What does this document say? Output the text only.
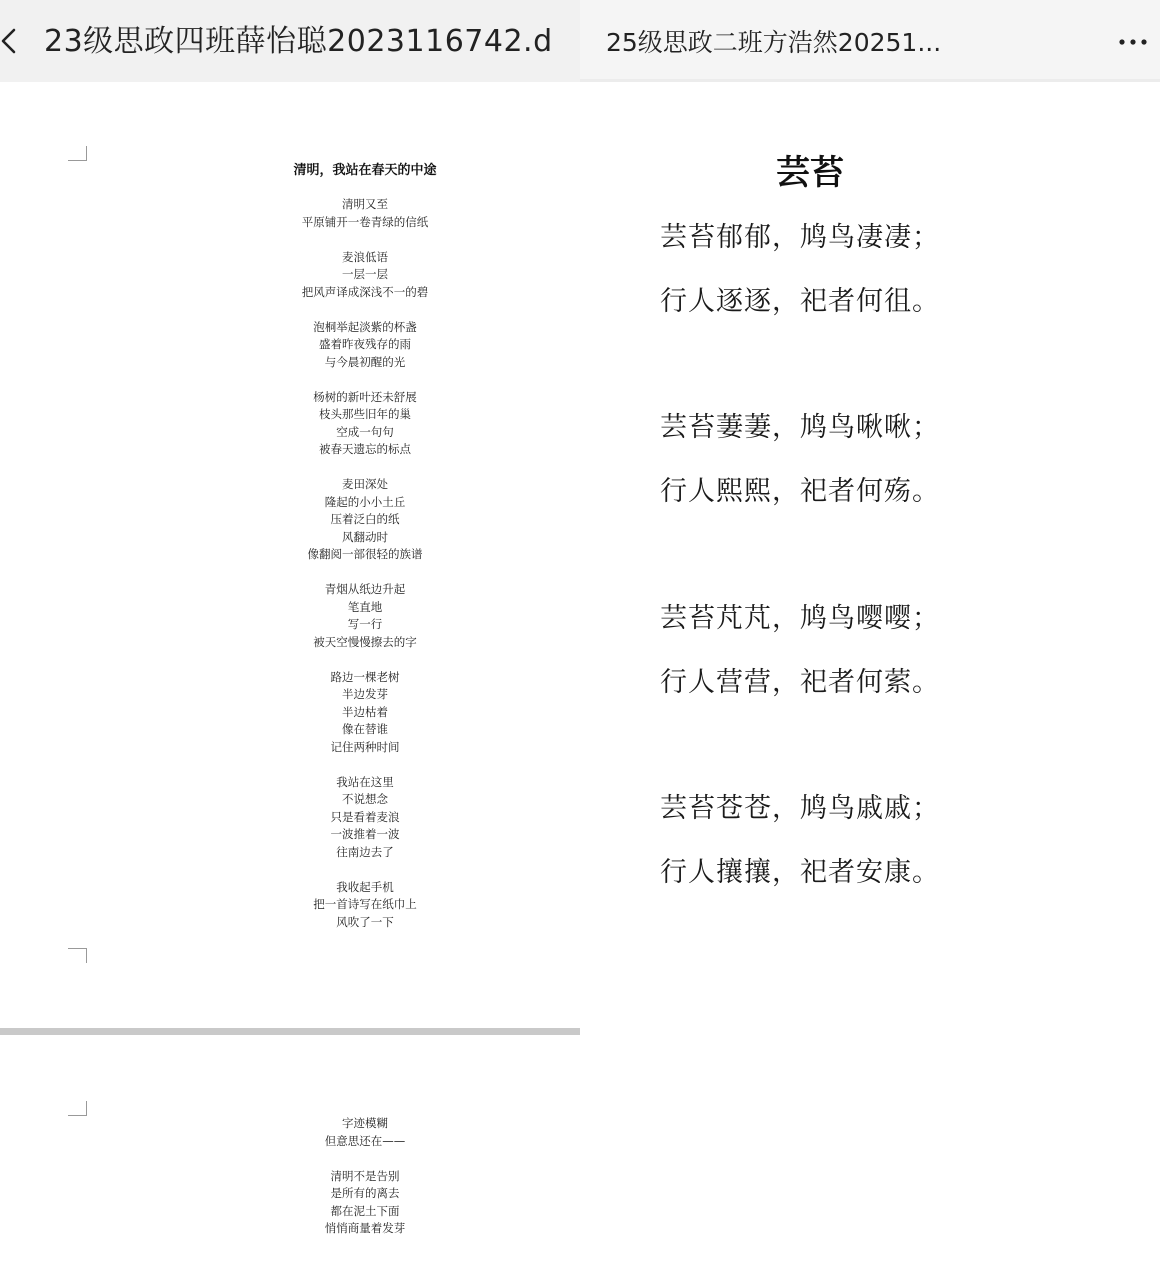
23级思政四班薛怡聪2023116742.d
清明，我站在春天的中途
清明又至
平原铺开一卷青绿的信纸
麦浪低语
一层一层
把风声译成深浅不一的碧
泡桐举起淡紫的杯盏
盛着昨夜残存的雨
与今晨初醒的光
杨树的新叶还未舒展
枝头那些旧年的巢
空成一句句
被春天遗忘的标点
麦田深处
隆起的小小土丘
压着泛白的纸
风翻动时
像翻阅一部很轻的族谱
青烟从纸边升起
笔直地
写一行
被天空慢慢擦去的字
路边一棵老树
半边发芽
半边枯着
像在替谁
记住两种时间
我站在这里
不说想念
只是看着麦浪
一波推着一波
往南边去了
我收起手机
把一首诗写在纸巾上
风吹了一下
字迹模糊
但意思还在——
清明不是告别
是所有的离去
都在泥土下面
悄悄商量着发芽
25级思政二班方浩然20251...
芸苔
芸苔郁郁，鸠鸟凄凄；
行人逐逐，祀者何徂。
芸苔萋萋，鸠鸟啾啾；
行人熙熙，祀者何殇。
芸苔芃芃，鸠鸟嘤嘤；
行人营营，祀者何萦。
芸苔苍苍，鸠鸟戚戚；
行人攘攘，祀者安康。
